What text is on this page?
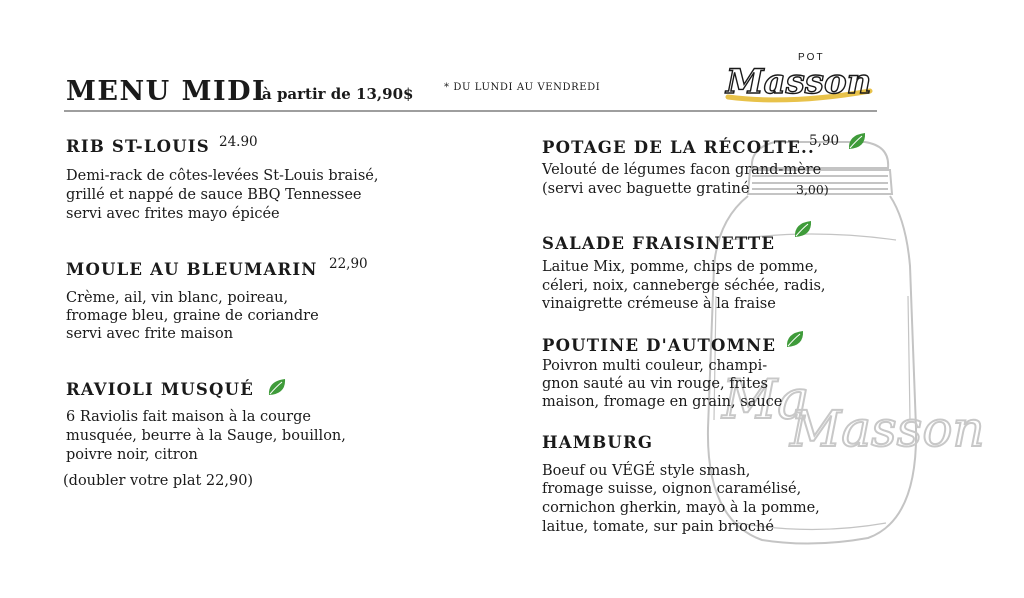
Ma
Masson
MENU MIDI
à partir de 13,90$	* DU LUNDI AU VENDREDI
POT
Masson
RIB ST-LOUIS 24.90
Demi-rack de côtes-levées St-Louis braisé,
grillé et nappé de sauce BBQ Tennessee
servi avec frites mayo épicée
MOULE AU BLEUMARIN 22,90
Crème, ail, vin blanc, poireau,
fromage bleu, graine de coriandre
servi avec frite maison
RAVIOLI MUSQUÉ
6 Raviolis fait maison à la courge
musquée, beurre à la Sauge, bouillon,
poivre noir, citron
(doubler votre plat 22,90)
POTAGE DE LA RÉCOLTE..
5,90
Velouté de légumes facon grand-mère
(servi avec baguette gratiné	3,00)
SALADE FRAISINETTE
Laitue Mix, pomme, chips de pomme,
céleri, noix, canneberge séchée, radis,
vinaigrette crémeuse à la fraise
POUTINE D'AUTOMNE
Poivron multi couleur, champi-
gnon sauté au vin rouge, frites
maison, fromage en grain, sauce
HAMBURG
Boeuf ou VÉGÉ style smash,
fromage suisse, oignon caramélisé,
cornichon gherkin, mayo à la pomme,
laitue, tomate, sur pain brioché
